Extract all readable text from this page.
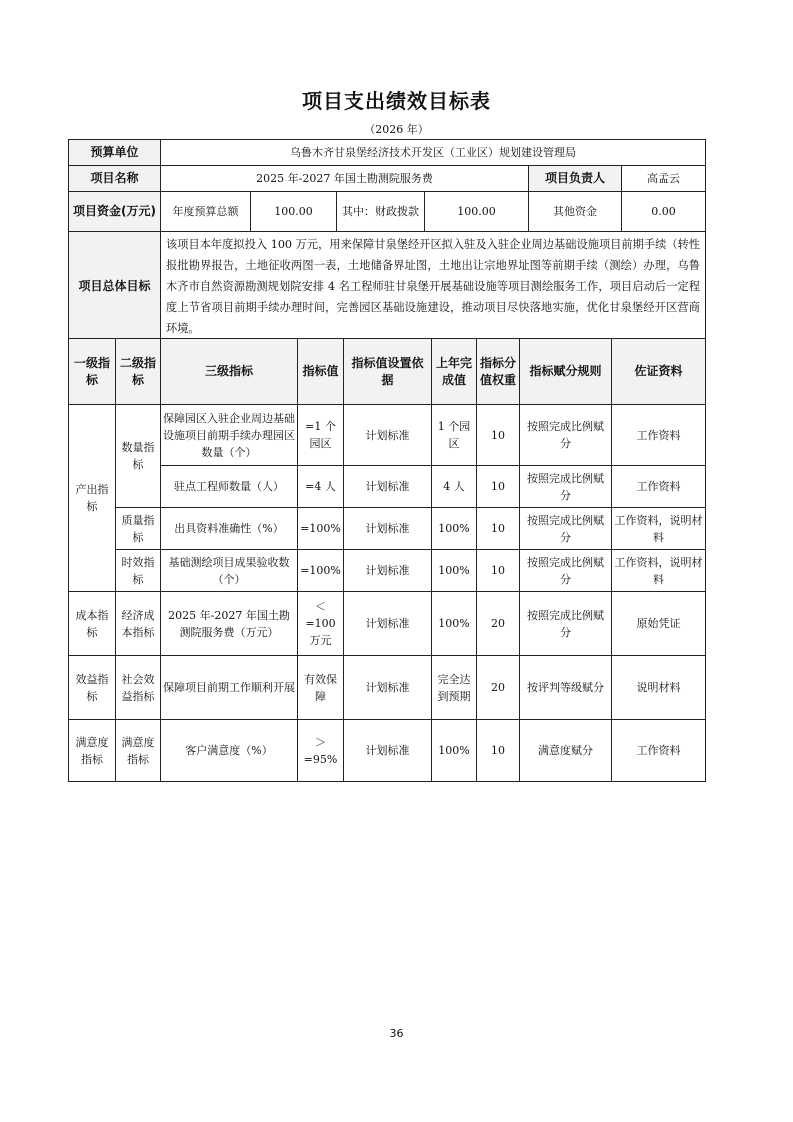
项目支出绩效目标表
（2026 年）
预算单位	乌鲁木齐甘泉堡经济技术开发区（工业区）规划建设管理局					
项目名称	2025 年-2027 年国土勘测院服务费				项目负责人	高孟云
项目资金(万元)	年度预算总额	100.00	其中：财政拨款	100.00	其他资金	0.00
项目总体目标	该项目本年度拟投入 100 万元，用来保障甘泉堡经开区拟入驻及入驻企业周边基础设施项目前期手续（转性报批勘界报告，土地征收两图一表，土地储备界址图，土地出让宗地界址图等前期手续（测绘）办理，乌鲁木齐市自然资源勘测规划院安排 4 名工程师驻甘泉堡开展基础设施等项目测绘服务工作，项目启动后一定程度上节省项目前期手续办理时间，完善园区基础设施建设，推动项目尽快落地实施，优化甘泉堡经开区营商环境。					
一级指标	二级指标	三级指标	指标值	指标值设置依据	上年完成值	指标分值权重	指标赋分规则	佐证资料
产出指标	数量指标	保障园区入驻企业周边基础设施项目前期手续办理园区数量（个）	=1 个园区	计划标准	1 个园区	10	按照完成比例赋分	工作资料
		驻点工程师数量（人）	=4 人	计划标准	4 人	10	按照完成比例赋分	工作资料
	质量指标	出具资料准确性（%）	=100%	计划标准	100%	10	按照完成比例赋分	工作资料，说明材料
	时效指标	基础测绘项目成果验收数（个）	=100%	计划标准	100%	10	按照完成比例赋分	工作资料，说明材料
成本指标	经济成本指标	2025 年-2027 年国土勘测院服务费（万元）	＜=100 万元	计划标准	100%	20	按照完成比例赋分	原始凭证
效益指标	社会效益指标	保障项目前期工作顺利开展	有效保障	计划标准	完全达到预期	20	按评判等级赋分	说明材料
满意度指标	满意度指标	客户满意度（%）	＞=95%	计划标准	100%	10	满意度赋分	工作资料
36
